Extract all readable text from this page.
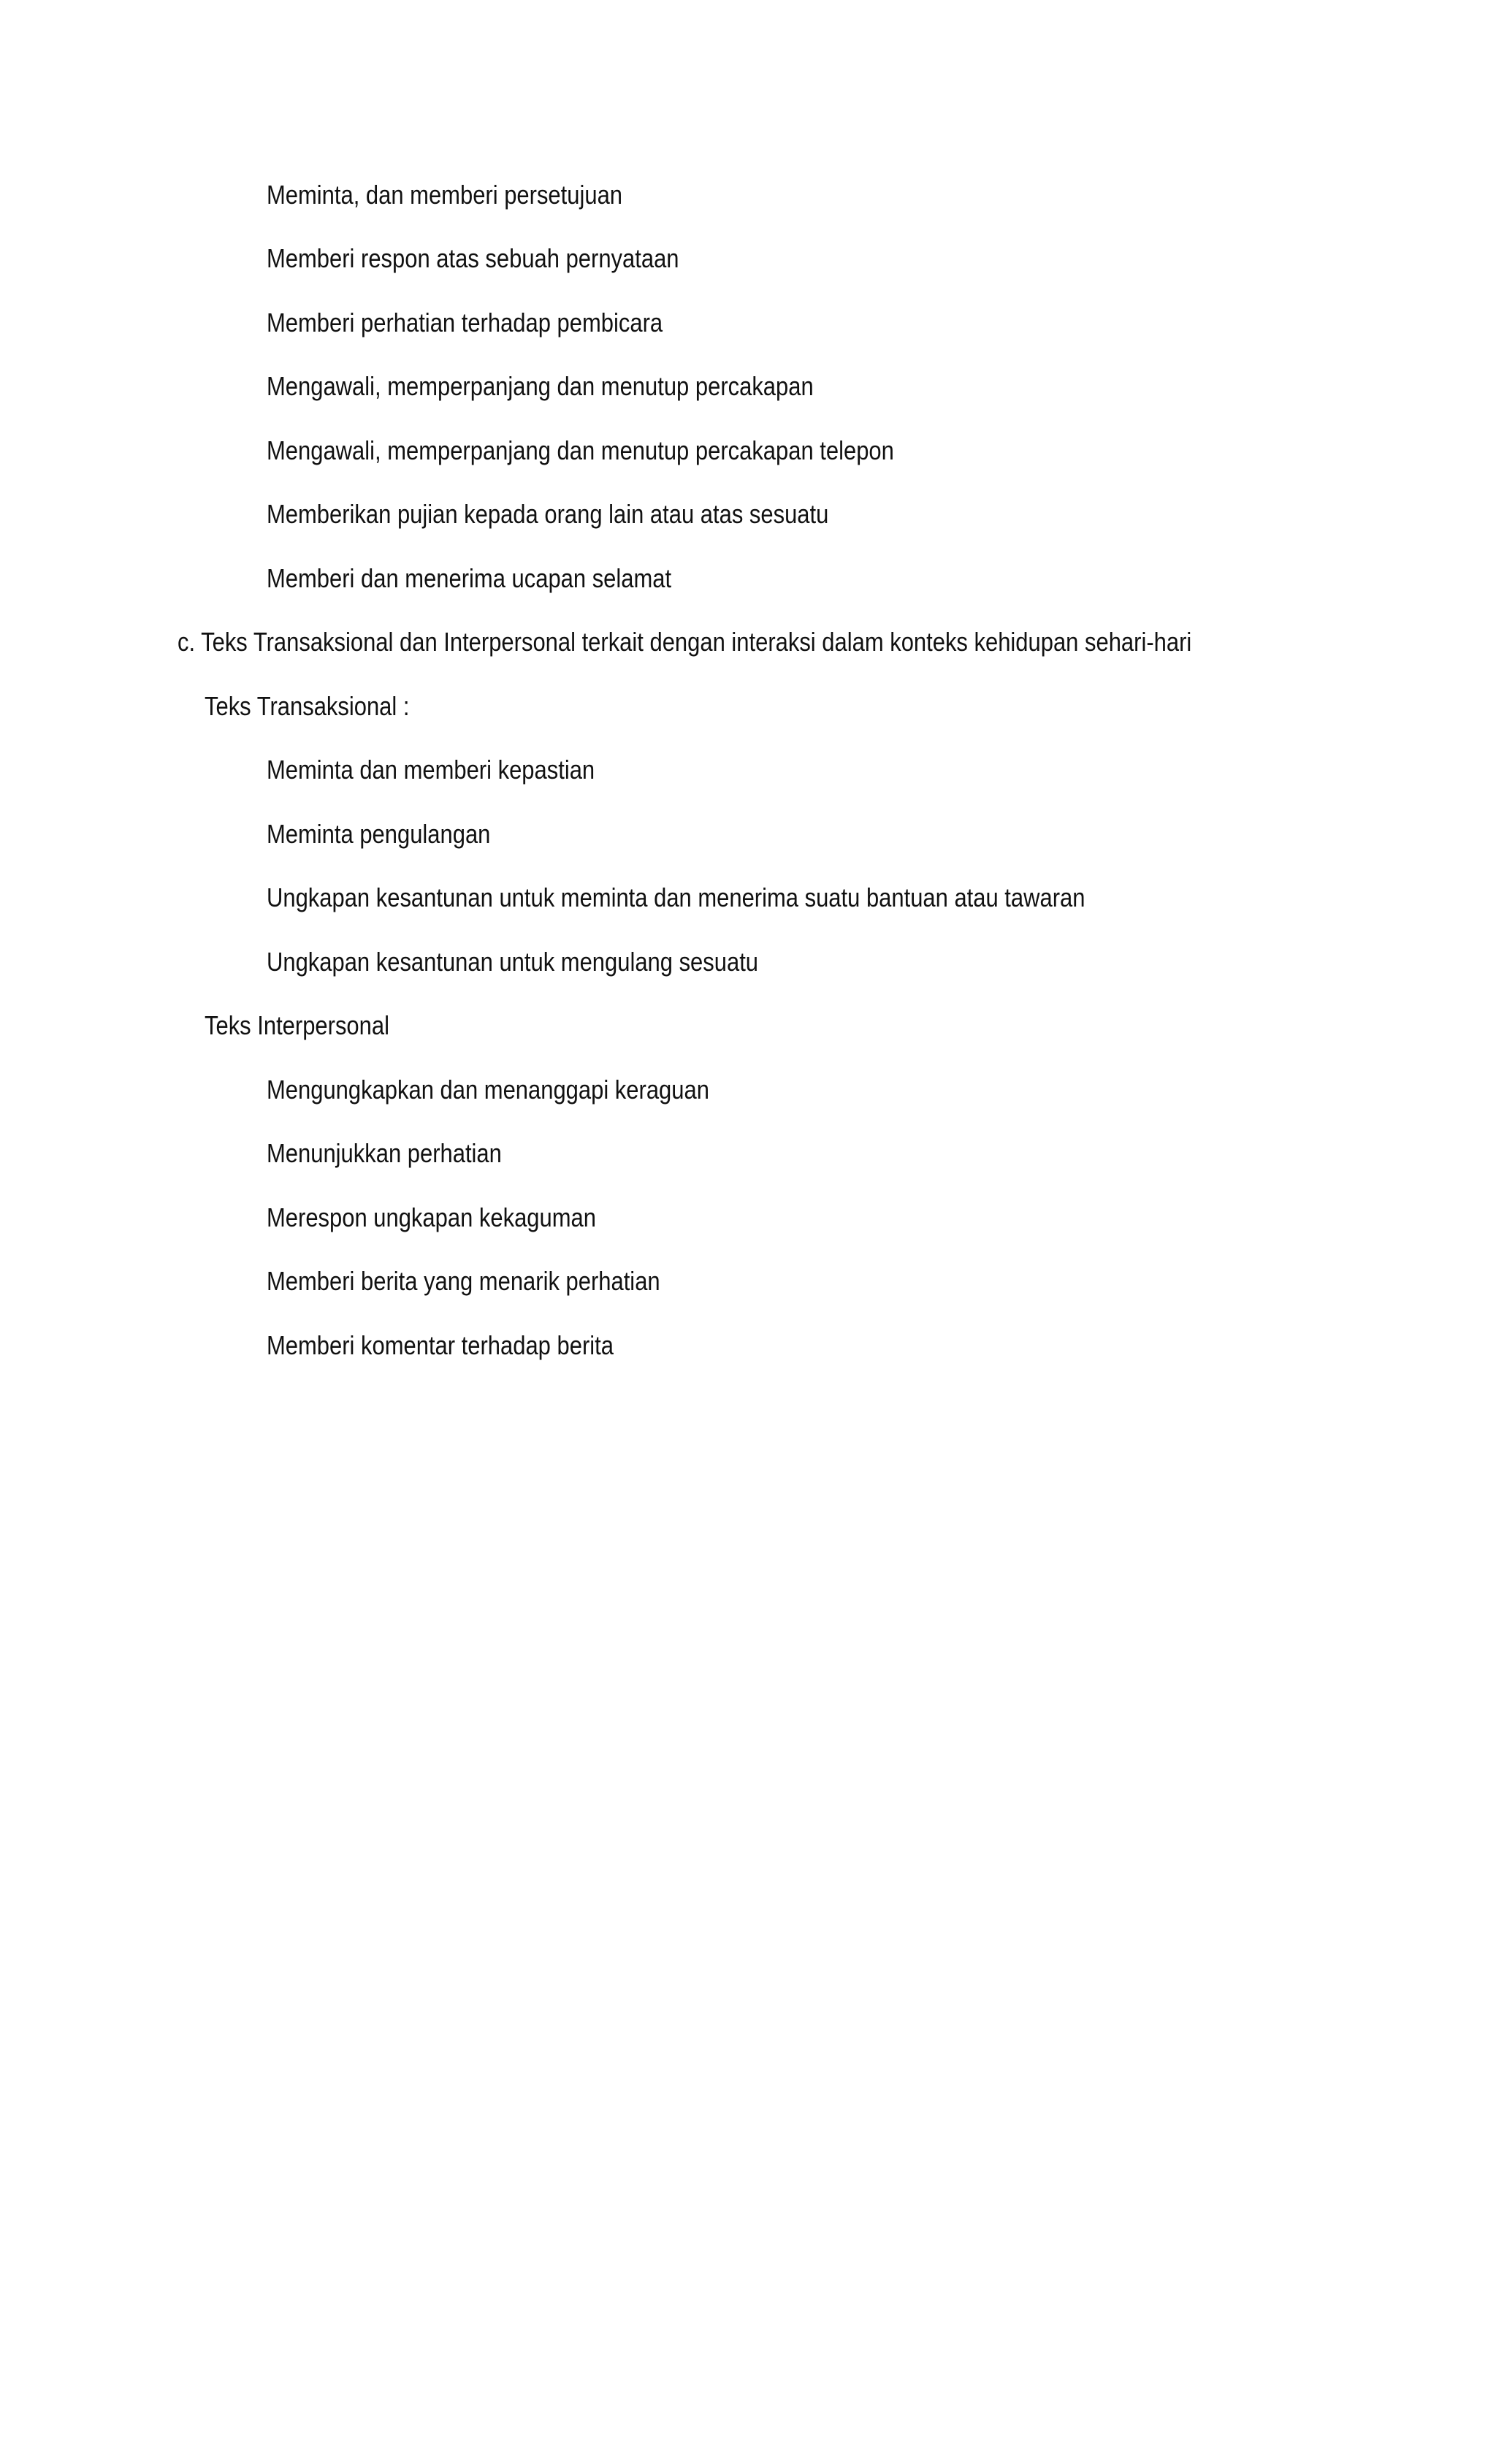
Meminta, dan memberi persetujuan
Memberi respon atas sebuah pernyataan
Memberi perhatian terhadap pembicara
Mengawali, memperpanjang dan menutup percakapan
Mengawali, memperpanjang dan menutup percakapan telepon
Memberikan pujian kepada orang lain atau atas sesuatu
Memberi dan menerima ucapan selamat
c. Teks Transaksional dan Interpersonal terkait dengan interaksi dalam konteks kehidupan sehari-hari
Teks Transaksional :
Meminta dan memberi kepastian
Meminta pengulangan
Ungkapan kesantunan untuk meminta dan menerima suatu bantuan atau tawaran
Ungkapan kesantunan untuk mengulang sesuatu
Teks Interpersonal
Mengungkapkan dan menanggapi keraguan
Menunjukkan perhatian
Merespon ungkapan kekaguman
Memberi berita yang menarik perhatian
Memberi komentar terhadap berita
